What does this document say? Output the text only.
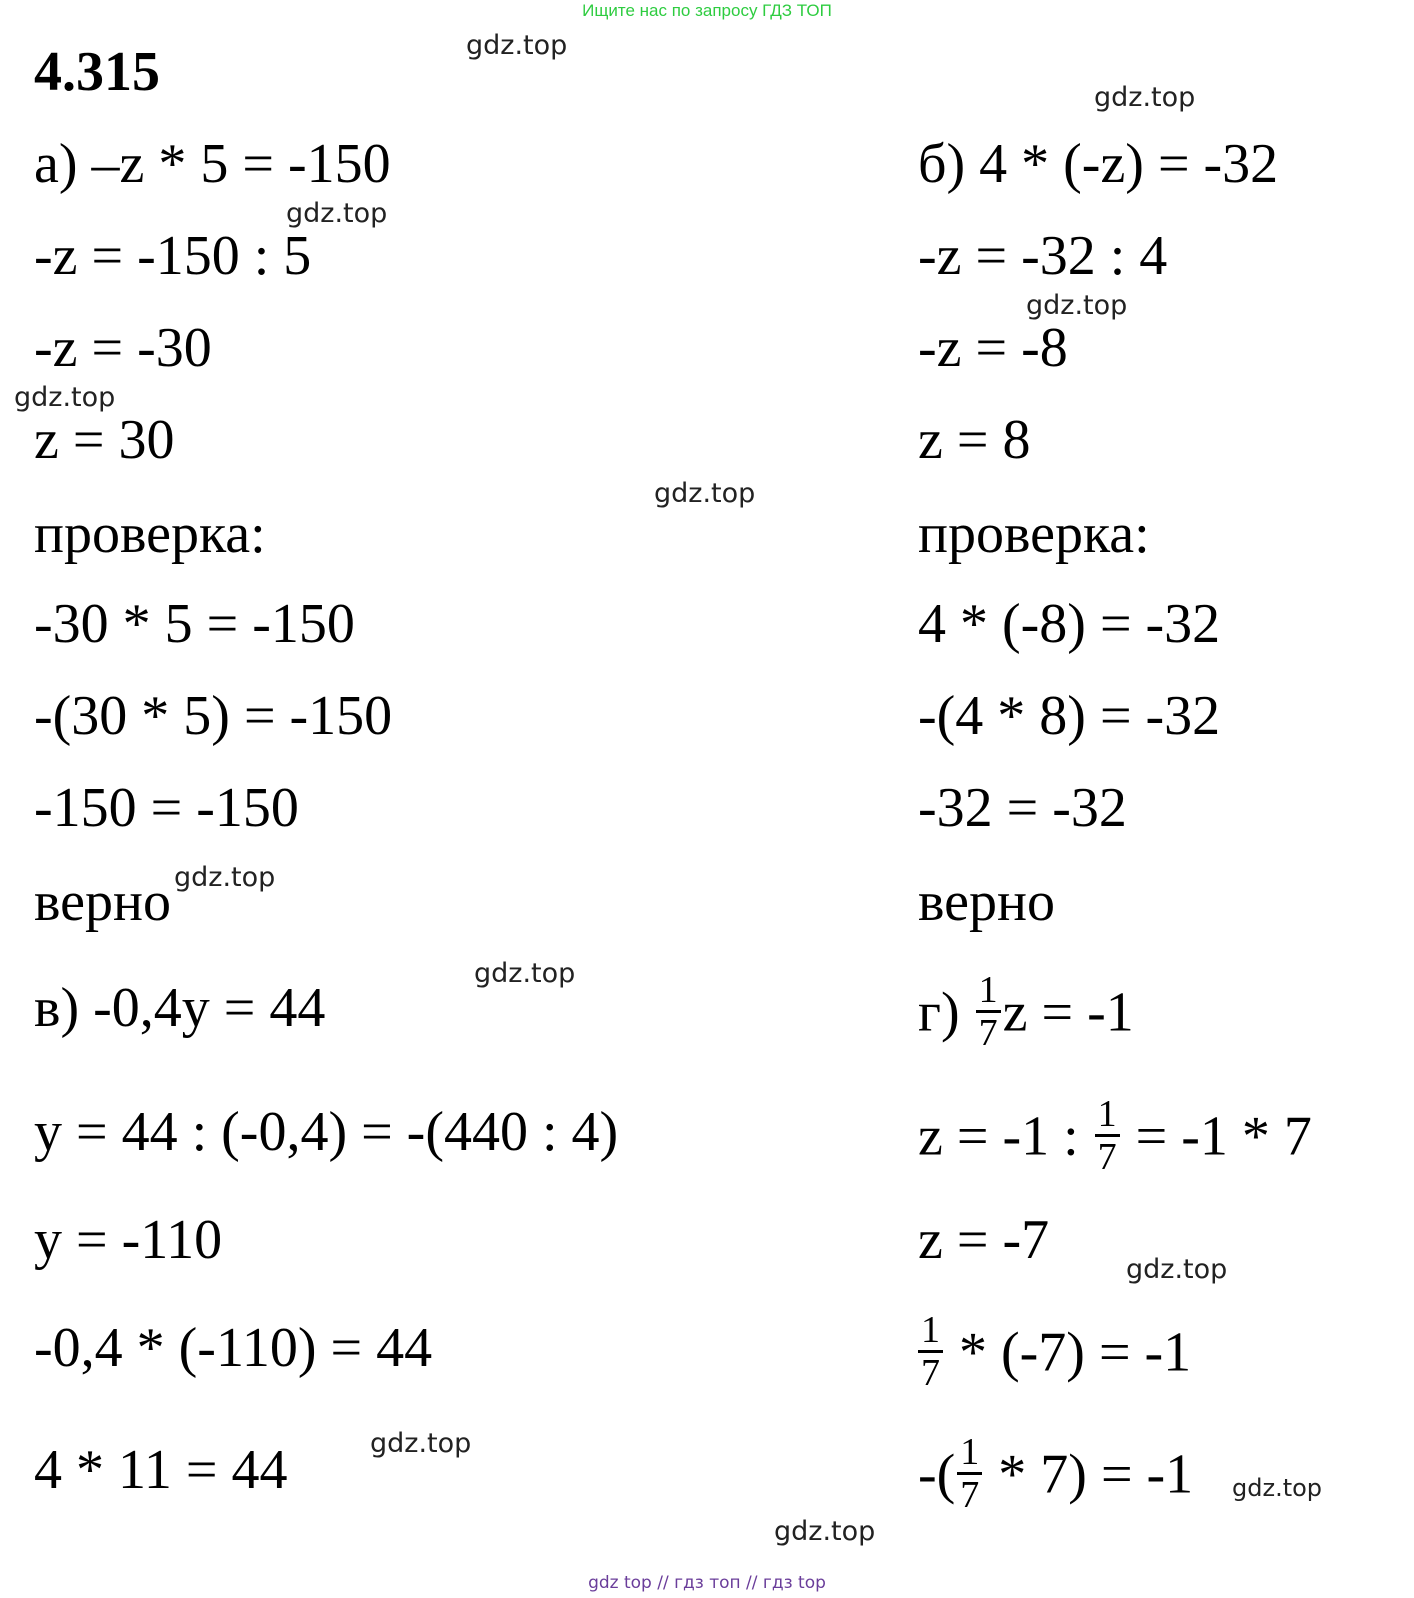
Ищите нас по запросу ГДЗ ТОП
4.315
а) –z * 5 = -150
-z = -150 : 5
-z = -30
z = 30
проверка:
-30 * 5 = -150
-(30 * 5) = -150
-150 = -150
верно
в) -0,4у = 44
у = 44 : (-0,4) = -(440 : 4)
у = -110
-0,4 * (-110) = 44
4 * 11 = 44
б) 4 * (-z) = -32
-z = -32 : 4
-z = -8
z = 8
проверка:
4 * (-8) = -32
-(4 * 8) = -32
-32 = -32
верно
$г) \frac{1}{7}$ z = -1
z = -1 : $\frac{1}{7} = -1 * 7$
z = -7
$\frac{1}{7} * (-7) = -1$
-( $\frac{1}{7} * 7) = -1$
gdz.top
gdz.top
gdz.top
gdz.top
gdz.top
gdz.top
gdz.top
gdz.top
gdz.top
gdz.top
gdz.top
gdz.top
gdz top // гдз топ // гдз top
